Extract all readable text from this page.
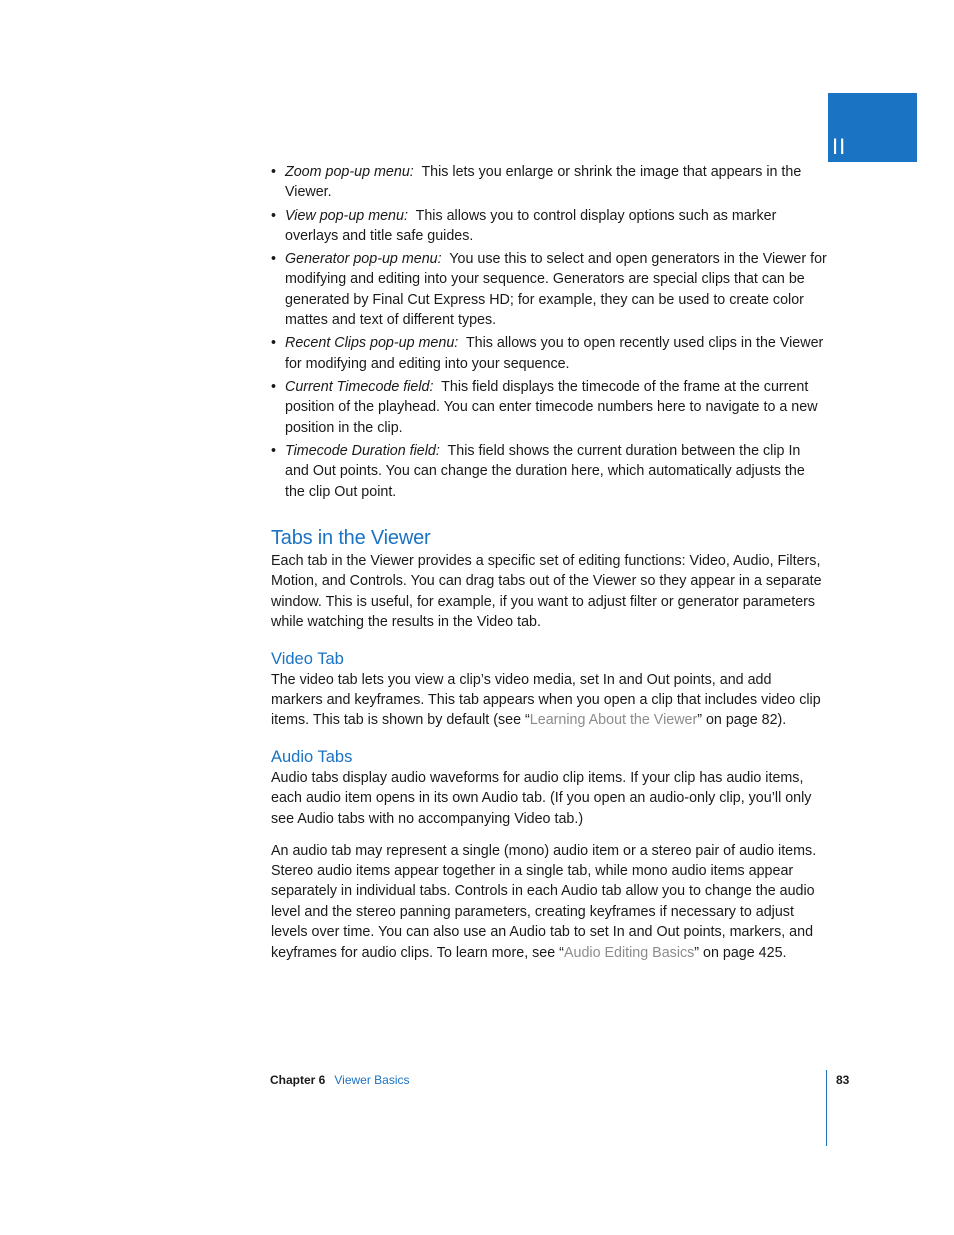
II
• Zoom pop-up menu: This lets you enlarge or shrink the image that appears in the Viewer.
• View pop-up menu: This allows you to control display options such as marker overlays and title safe guides.
• Generator pop-up menu: You use this to select and open generators in the Viewer for modifying and editing into your sequence. Generators are special clips that can be generated by Final Cut Express HD; for example, they can be used to create color mattes and text of different types.
• Recent Clips pop-up menu: This allows you to open recently used clips in the Viewer for modifying and editing into your sequence.
• Current Timecode field: This field displays the timecode of the frame at the current position of the playhead. You can enter timecode numbers here to navigate to a new position in the clip.
• Timecode Duration field: This field shows the current duration between the clip In and Out points. You can change the duration here, which automatically adjusts the the clip Out point.
Tabs in the Viewer

Each tab in the Viewer provides a specific set of editing functions: Video, Audio, Filters, Motion, and Controls. You can drag tabs out of the Viewer so they appear in a separate window. This is useful, for example, if you want to adjust filter or generator parameters while watching the results in the Video tab.

Video Tab

The video tab lets you view a clip’s video media, set In and Out points, and add markers and keyframes. This tab appears when you open a clip that includes video clip items. This tab is shown by default (see “Learning About the Viewer” on page 82).

Audio Tabs

Audio tabs display audio waveforms for audio clip items. If your clip has audio items, each audio item opens in its own Audio tab. (If you open an audio-only clip, you’ll only see Audio tabs with no accompanying Video tab.)

An audio tab may represent a single (mono) audio item or a stereo pair of audio items. Stereo audio items appear together in a single tab, while mono audio items appear separately in individual tabs. Controls in each Audio tab allow you to change the audio level and the stereo panning parameters, creating keyframes if necessary to adjust levels over time. You can also use an Audio tab to set In and Out points, markers, and keyframes for audio clips. To learn more, see “Audio Editing Basics” on page 425.

Chapter 6 Viewer Basics	83
